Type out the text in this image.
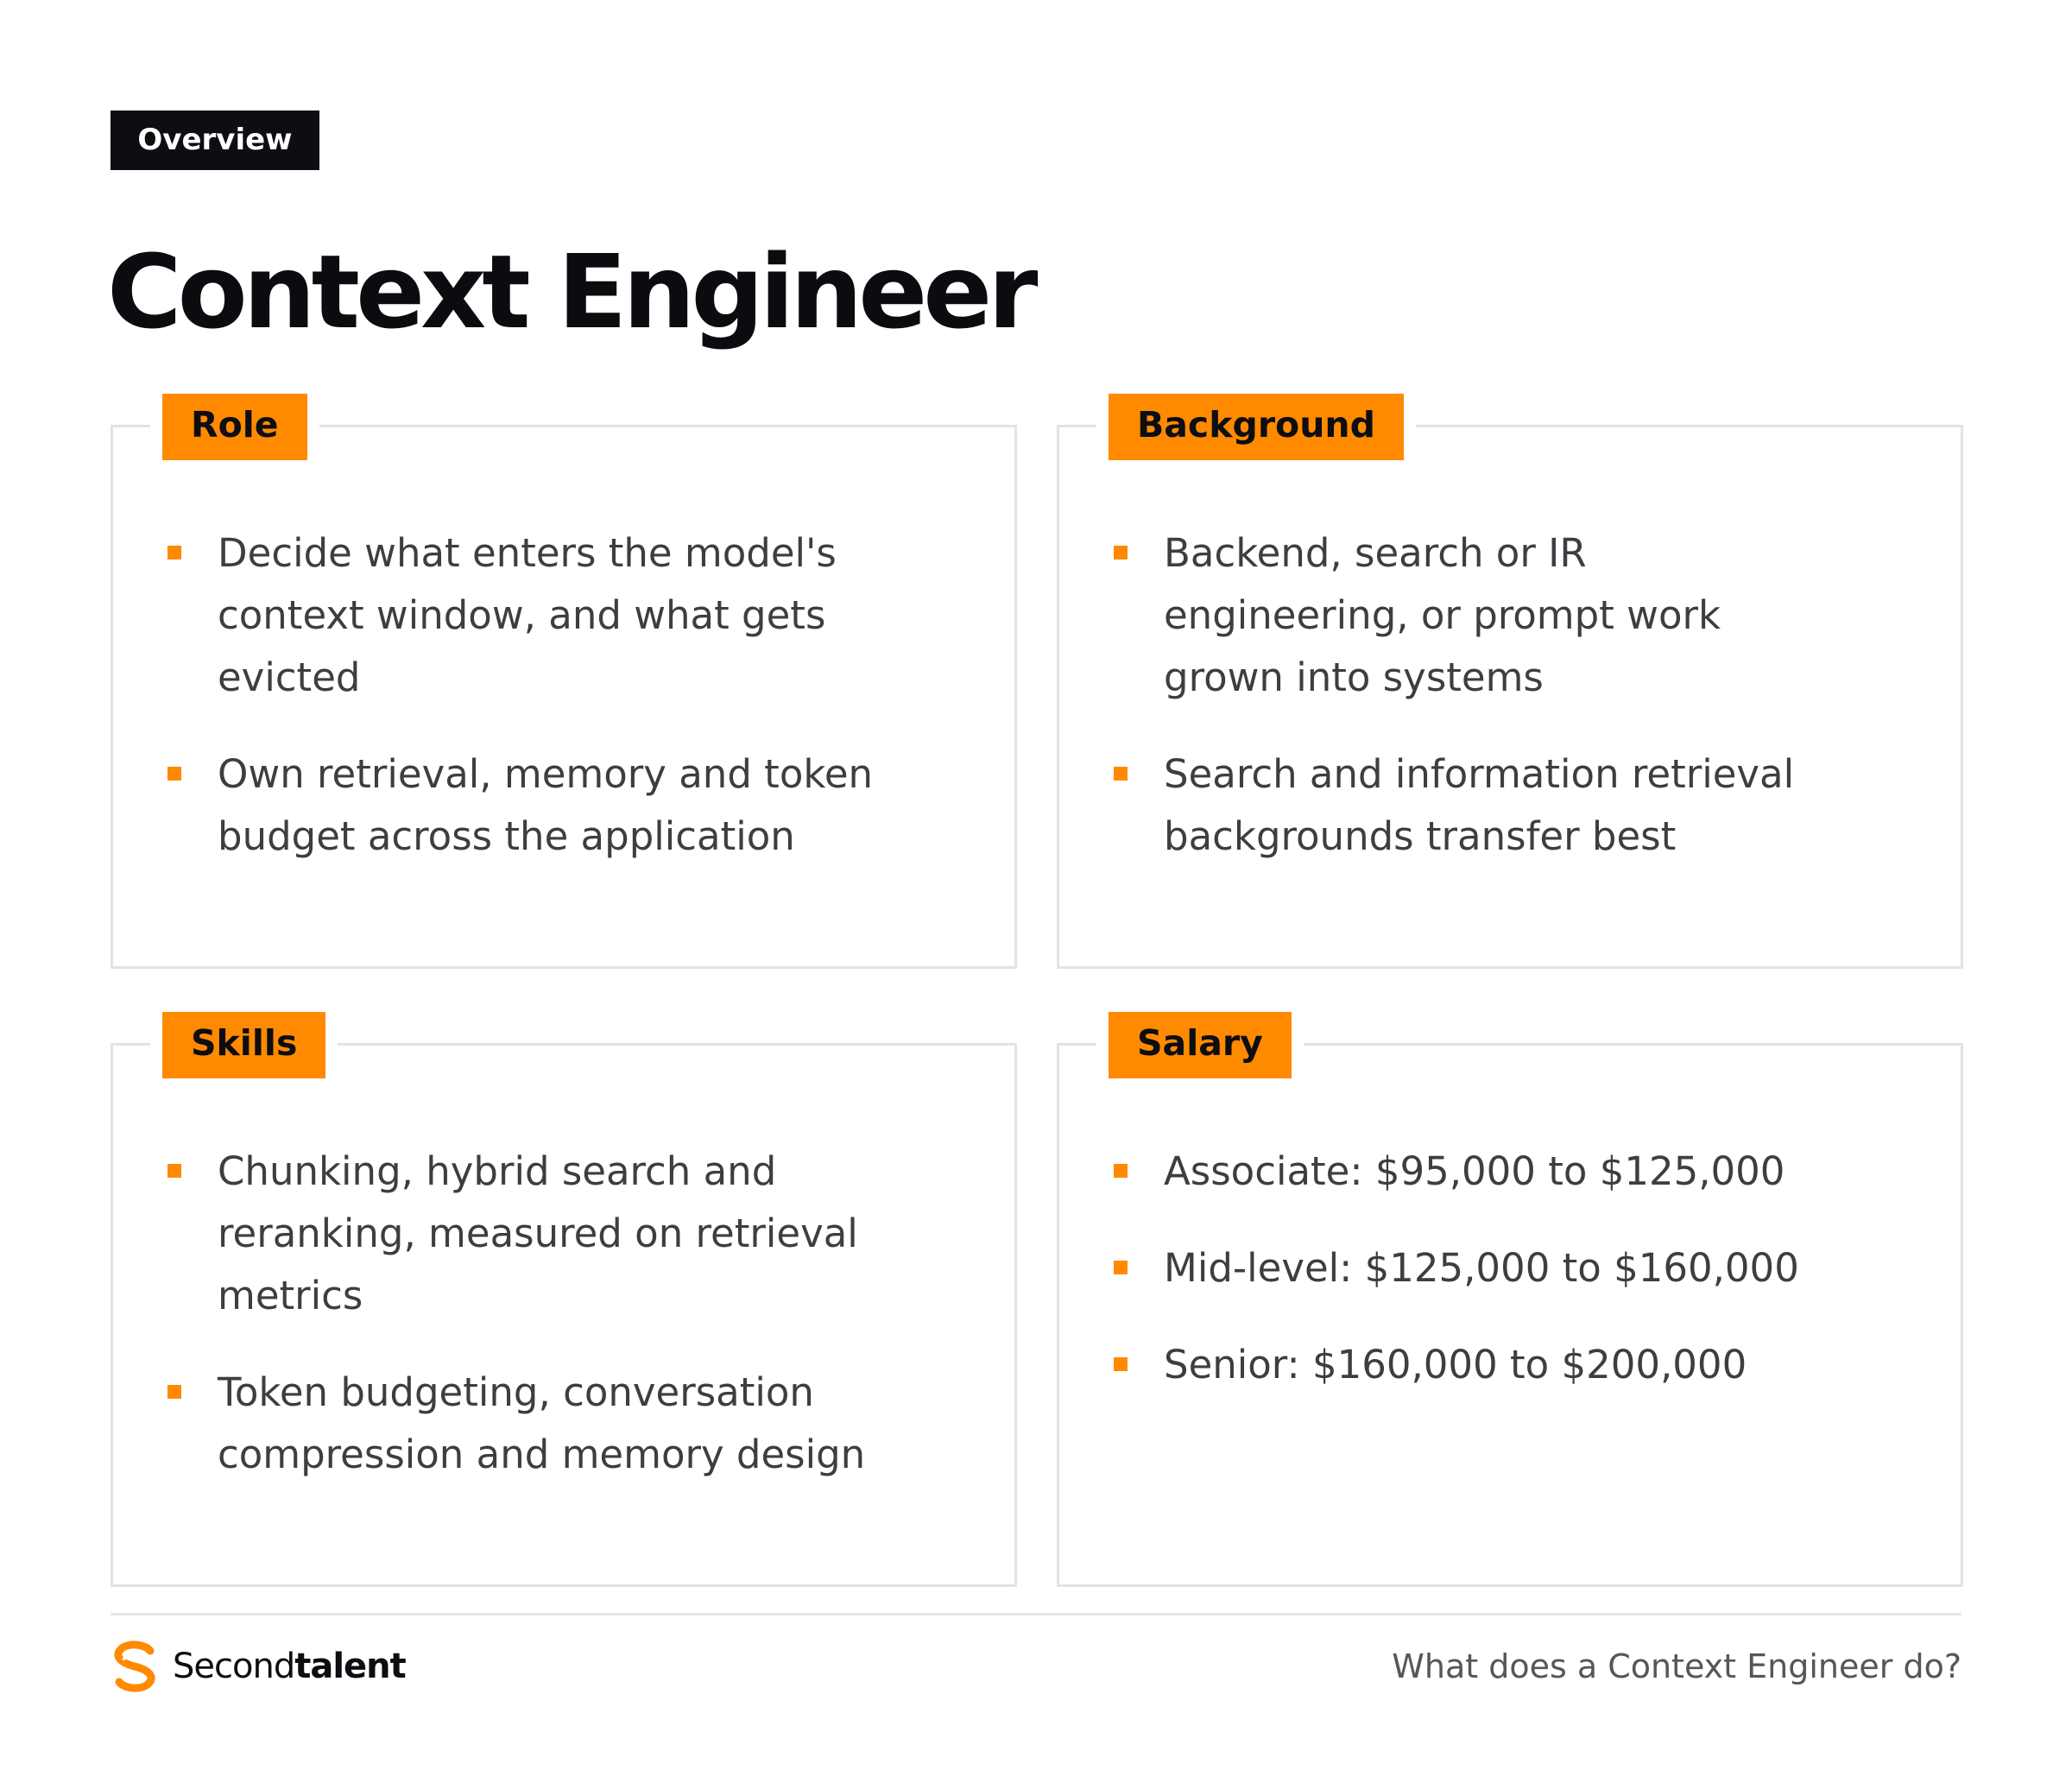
Overview
Context Engineer
Role
Decide what enters the model's context window, and what gets evicted
Own retrieval, memory and token budget across the application
Background
Backend, search or IR engineering, or prompt work grown into systems
Search and information retrieval backgrounds transfer best
Skills
Chunking, hybrid search and reranking, measured on retrieval metrics
Token budgeting, conversation compression and memory design
Salary
Associate: $95,000 to $125,000
Mid-level: $125,000 to $160,000
Senior: $160,000 to $200,000
Secondtalent	What does a Context Engineer do?
